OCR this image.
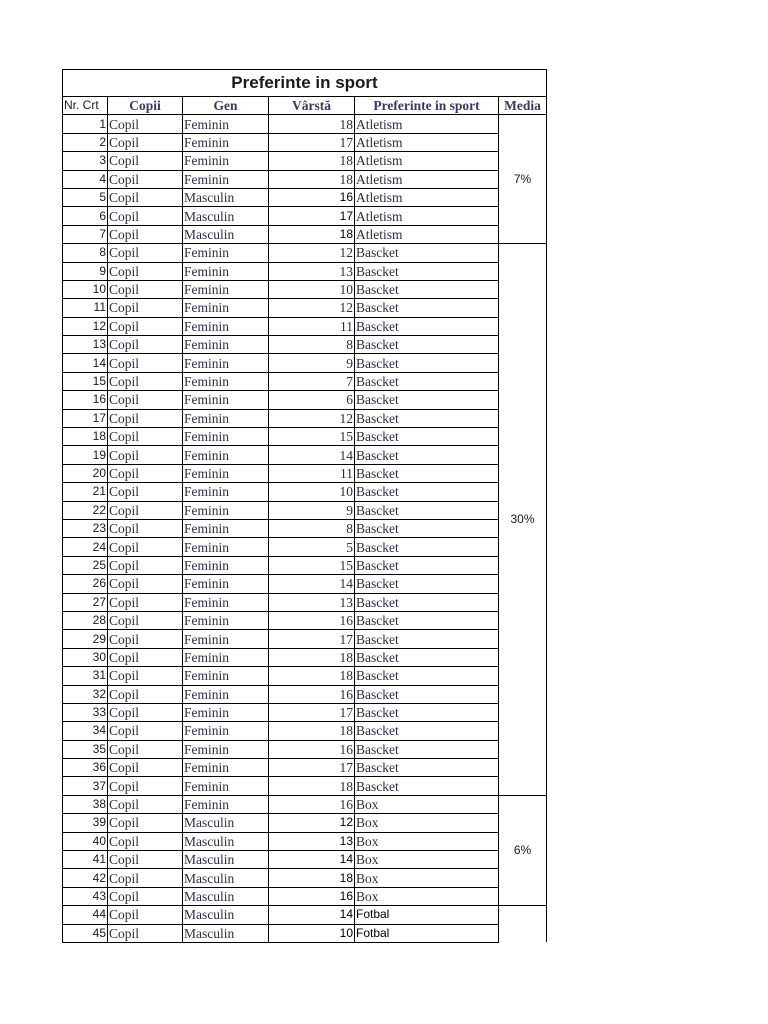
Preferinte in sport					
Nr. Crt	Copii	Gen	Vârstă	Preferinte in sport	Media
1	Copil	Feminin	18	Atletism	7%
2	Copil	Feminin	17	Atletism	
3	Copil	Feminin	18	Atletism	
4	Copil	Feminin	18	Atletism	
5	Copil	Masculin	16	Atletism	
6	Copil	Masculin	17	Atletism	
7	Copil	Masculin	18	Atletism	
8	Copil	Feminin	12	Bascket	30%
9	Copil	Feminin	13	Bascket	
10	Copil	Feminin	10	Bascket	
11	Copil	Feminin	12	Bascket	
12	Copil	Feminin	11	Bascket	
13	Copil	Feminin	8	Bascket	
14	Copil	Feminin	9	Bascket	
15	Copil	Feminin	7	Bascket	
16	Copil	Feminin	6	Bascket	
17	Copil	Feminin	12	Bascket	
18	Copil	Feminin	15	Bascket	
19	Copil	Feminin	14	Bascket	
20	Copil	Feminin	11	Bascket	
21	Copil	Feminin	10	Bascket	
22	Copil	Feminin	9	Bascket	
23	Copil	Feminin	8	Bascket	
24	Copil	Feminin	5	Bascket	
25	Copil	Feminin	15	Bascket	
26	Copil	Feminin	14	Bascket	
27	Copil	Feminin	13	Bascket	
28	Copil	Feminin	16	Bascket	
29	Copil	Feminin	17	Bascket	
30	Copil	Feminin	18	Bascket	
31	Copil	Feminin	18	Bascket	
32	Copil	Feminin	16	Bascket	
33	Copil	Feminin	17	Bascket	
34	Copil	Feminin	18	Bascket	
35	Copil	Feminin	16	Bascket	
36	Copil	Feminin	17	Bascket	
37	Copil	Feminin	18	Bascket	
38	Copil	Feminin	16	Box	6%
39	Copil	Masculin	12	Box	
40	Copil	Masculin	13	Box	
41	Copil	Masculin	14	Box	
42	Copil	Masculin	18	Box	
43	Copil	Masculin	16	Box	
44	Copil	Masculin	14	Fotbal	
45	Copil	Masculin	10	Fotbal	
